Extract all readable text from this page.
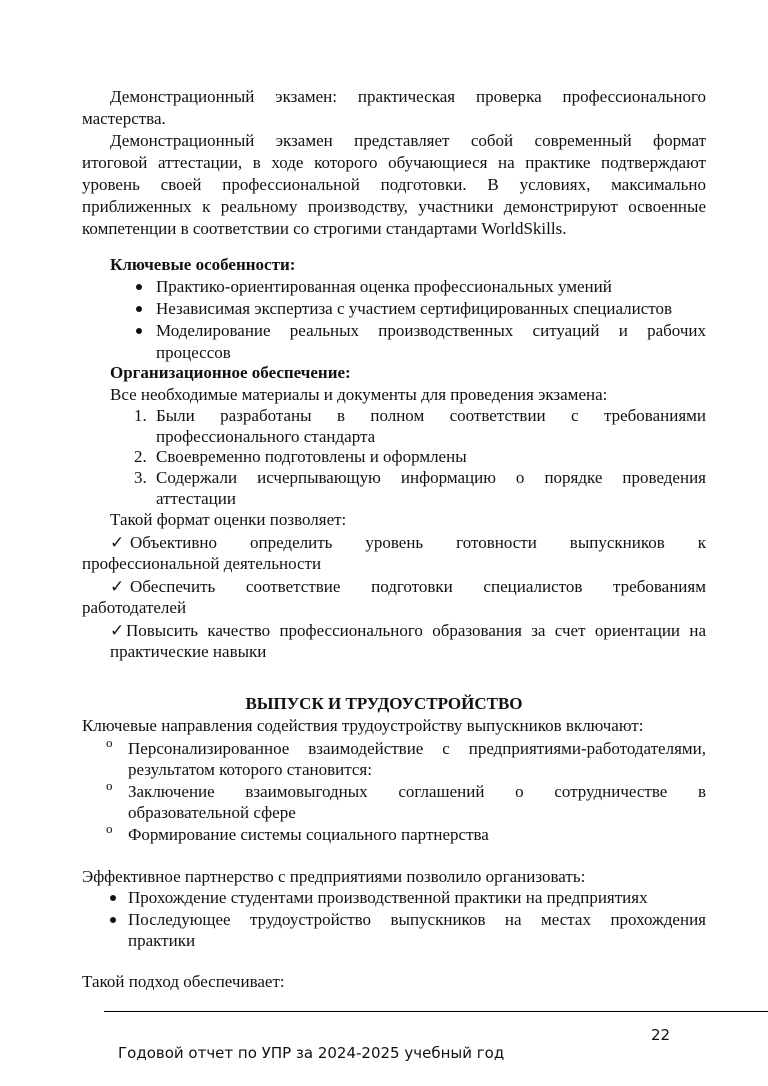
Демонстрационный экзамен: практическая проверка профессионального
мастерства.
Демонстрационный экзамен представляет собой современный формат
итоговой аттестации, в ходе которого обучающиеся на практике подтверждают
уровень своей профессиональной подготовки. В условиях, максимально
приближенных к реальному производству, участники демонстрируют освоенные
компетенции в соответствии со строгими стандартами WorldSkills.
Ключевые особенности:
Практико-ориентированная оценка профессиональных умений
Независимая экспертиза с участием сертифицированных специалистов
Моделирование реальных производственных ситуаций и рабочих
процессов
Организационное обеспечение:
Все необходимые материалы и документы для проведения экзамена:
1. Были разработаны в полном соответствии с требованиями
профессионального стандарта
2. Своевременно подготовлены и оформлены
3. Содержали исчерпывающую информацию о порядке проведения
аттестации
Такой формат оценки позволяет:
✓ Объективно определить уровень готовности выпускников к
профессиональной деятельности
✓ Обеспечить соответствие подготовки специалистов требованиям
работодателей
✓ Повысить качество профессионального образования за счет ориентации на
практические навыки
ВЫПУСК И ТРУДОУСТРОЙСТВО
Ключевые направления содействия трудоустройству выпускников включают:
o Персонализированное взаимодействие с предприятиями-работодателями,
результатом которого становится:
o Заключение взаимовыгодных соглашений о сотрудничестве в
образовательной сфере
o Формирование системы социального партнерства
Эффективное партнерство с предприятиями позволило организовать:
Прохождение студентами производственной практики на предприятиях
Последующее трудоустройство выпускников на местах прохождения
практики
Такой подход обеспечивает:
22
Годовой отчет по УПР за 2024-2025 учебный год
